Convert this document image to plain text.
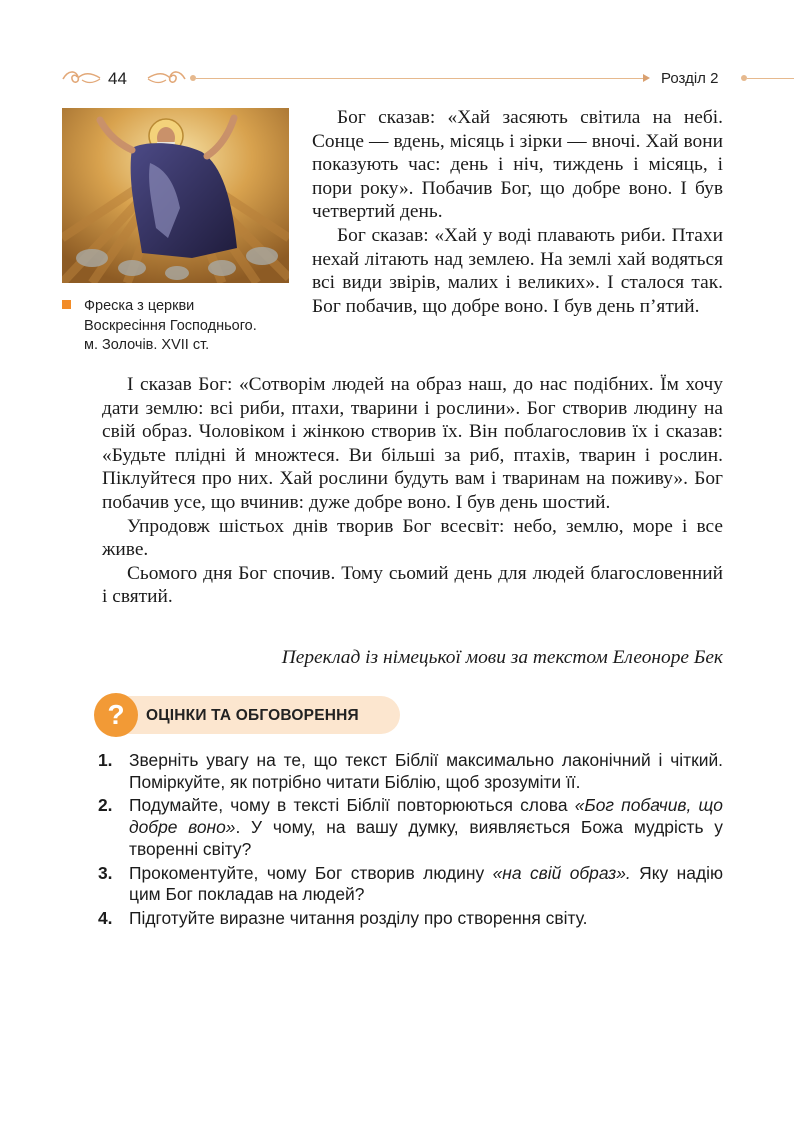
44	Розділ 2
Фреска з церкви
Воскресіння Господнього.
м. Золочів. XVII ст.

Бог сказав: «Хай засяють світила на небі. Сонце — вдень, місяць і зірки — вночі. Хай вони показують час: день і ніч, тиждень і місяць, і пори року». Побачив Бог, що добре воно. І був четвертий день.

Бог сказав: «Хай у воді плавають риби. Птахи нехай літають над землею. На землі хай водяться всі види звірів, малих і великих». І сталося так. Бог побачив, що добре воно. І був день п’ятий.

І сказав Бог: «Сотворім людей на образ наш, до нас подібних. Їм хочу дати землю: всі риби, птахи, тварини і рослини». Бог створив людину на свій образ. Чоловіком і жінкою створив їх. Він поблагословив їх і сказав: «Будьте плідні й множтеся. Ви більші за риб, птахів, тварин і рослин. Піклуйтеся про них. Хай рослини будуть вам і тваринам на поживу». Бог побачив усе, що вчинив: дуже добре воно. І був день шостий.

Упродовж шістьох днів творив Бог всесвіт: небо, землю, море і все живе.

Сьомого дня Бог спочив. Тому сьомий день для людей благословенний і святий.

Переклад із німецької мови за текстом Елеоноре Бек
?	ОЦІНКИ ТА ОБГОВОРЕННЯ
1. Зверніть увагу на те, що текст Біблії максимально лаконічний і чіткий. Поміркуйте, як потрібно читати Біблію, щоб зрозуміти її.
2. Подумайте, чому в тексті Біблії повторюються слова «Бог побачив, що добре воно». У чому, на вашу думку, виявляється Божа мудрість у творенні світу?
3. Прокоментуйте, чому Бог створив людину «на свій образ». Яку надію цим Бог покладав на людей?
4. Підготуйте виразне читання розділу про створення світу.
